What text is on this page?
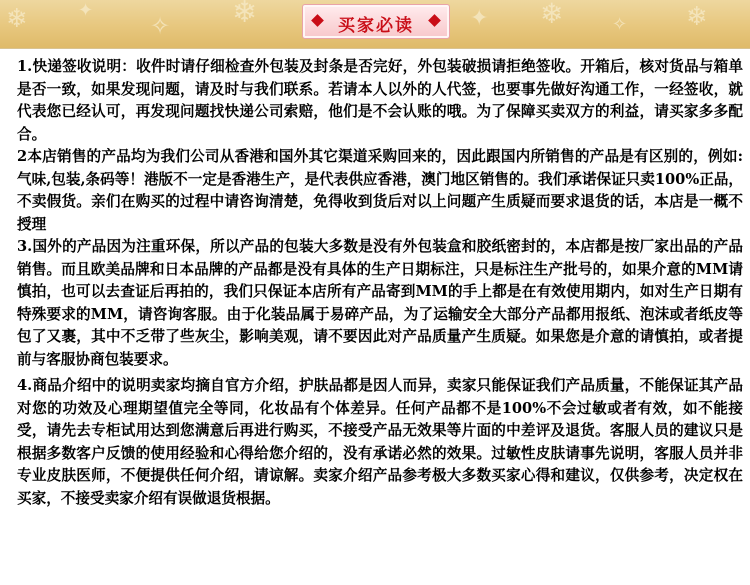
❄	✦
✧ ❄	✦ ❄	✧ ❄
买家必读

1.快递签收说明：收件时请仔细检查外包装及封条是否完好，外包装破损请拒绝签收。开箱后，核对货品与箱单是否一致，如果发现问题，请及时与我们联系。若请本人以外的人代签，也要事先做好沟通工作，一经签收，就代表您已经认可，再发现问题找快递公司索赔，他们是不会认账的哦。为了保障买卖双方的利益，请买家多多配合。

2本店销售的产品均为我们公司从香港和国外其它渠道采购回来的，因此跟国内所销售的产品是有区别的，例如:气味,包装,条码等！港版不一定是香港生产，是代表供应香港，澳门地区销售的。我们承诺保证只卖100%正品，不卖假货。亲们在购买的过程中请咨询清楚，免得收到货后对以上问题产生质疑而要求退货的话，本店是一概不授理

3.国外的产品因为注重环保，所以产品的包装大多数是没有外包装盒和胶纸密封的，本店都是按厂家出品的产品销售。而且欧美品牌和日本品牌的产品都是没有具体的生产日期标注，只是标注生产批号的，如果介意的MM请慎拍，也可以去查证后再拍的，我们只保证本店所有产品寄到MM的手上都是在有效使用期内，如对生产日期有特殊要求的MM，请咨询客服。由于化装品属于易碎产品，为了运输安全大部分产品都用报纸、泡沫或者纸皮等包了又裹，其中不乏带了些灰尘，影响美观，请不要因此对产品质量产生质疑。如果您是介意的请慎拍，或者提前与客服协商包装要求。

4.商品介绍中的说明卖家均摘自官方介绍，护肤品都是因人而异，卖家只能保证我们产品质量，不能保证其产品对您的功效及心理期望值完全等同，化妆品有个体差异。任何产品都不是100%不会过敏或者有效，如不能接受，请先去专柜试用达到您满意后再进行购买，不接受产品无效果等片面的中差评及退货。客服人员的建议只是根据多数客户反馈的使用经验和心得给您介绍的，没有承诺必然的效果。过敏性皮肤请事先说明，客服人员并非专业皮肤医师，不便提供任何介绍，请谅解。卖家介绍产品参考极大多数买家心得和建议，仅供参考，决定权在买家，不接受卖家介绍有误做退货根据。
